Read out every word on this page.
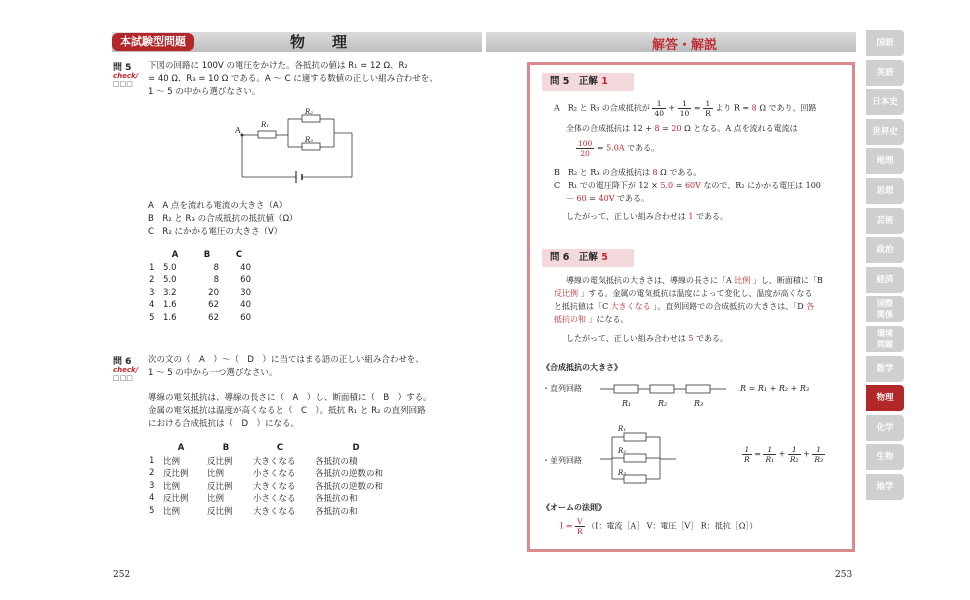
本試験型問題	物　理	解答・解説
問 5
check/
□□□
下図の回路に 100V の電圧をかけた。各抵抗の値は R₁ = 12 Ω、R₂
= 40 Ω、R₃ = 10 Ω である。A ～ C に適する数値の正しい組み合わせを、
1 ～ 5 の中から選びなさい。
A
R₁
R₂
R₃
A　A 点を流れる電流の大きさ（A）
B　R₂ と R₃ の合成抵抗の抵抗値（Ω）
C　R₂ にかかる電圧の大きさ（V）
	A	B	C
1	5.0	8	40
2	5.0	8	60
3	3.2	20	30
4	1.6	62	40
5	1.6	62	60
問 6
check/
□□□
次の文の（　A　）～（　D　）に当てはまる語の正しい組み合わせを、
1 ～ 5 の中から一つ選びなさい。
導線の電気抵抗は、導線の長さに（　A　）し、断面積に（　B　）する。
金属の電気抵抗は温度が高くなると（　C　）。抵抗 R₁ と R₂ の直列回路
における合成抵抗は（　D　）になる。
	A	B	C	D
1	比例	反比例	大きくなる	各抵抗の積
2	反比例	比例	小さくなる	各抵抗の逆数の和
3	比例	反比例	大きくなる	各抵抗の逆数の和
4	反比例	比例	小さくなる	各抵抗の和
5	比例	反比例	大きくなる	各抵抗の和
252	253
問 5　正解 1
A　R₂ と R₃ の合成抵抗が $\frac{1}{40} + \frac{1}{10} = \frac{1}{R}$ より R = 8 Ω であり、回路
全体の合成抵抗は 12 + 8 = 20 Ω となる。A 点を流れる電流は
$\frac{100}{20} = 5.0A$ である。
B　R₂ と R₃ の合成抵抗は 8 Ω である。
C　R₁ での電圧降下が 12 × 5.0 = 60V なので、R₂ にかかる電圧は 100
－ 60 = 40V である。
したがって、正しい組み合わせは 1 である。
問 6　正解 5
導線の電気抵抗の大きさは、導線の長さに「A 比例 」し、断面積に「B
反比例 」する。金属の電気抵抗は温度によって変化し、温度が高くなる
と抵抗値は「C 大きくなる 」。直列回路での合成抵抗の大きさは、「D 各
抵抗の和 」になる。
したがって、正しい組み合わせは 5 である。
《合成抵抗の大きさ》
・直列回路
R₁	R₂	R₃
R = R₁ + R₂ + R₃
・並列回路
R₁
R₂
R₃
$\frac{1}{R} = \frac{1}{\text{R₁}} + \frac{1}{\text{R₂}} + \frac{1}{\text{R₃}}$
《オームの法則》
$I = \frac{V}{R} (I$：電流［A］ V：電圧［V］ R：抵抗［Ω］）
国語
英語
日本史
世界史
地理
思想
芸術
政治
経済
国際
関係
環境
問題
数学
物理
化学
生物
地学
